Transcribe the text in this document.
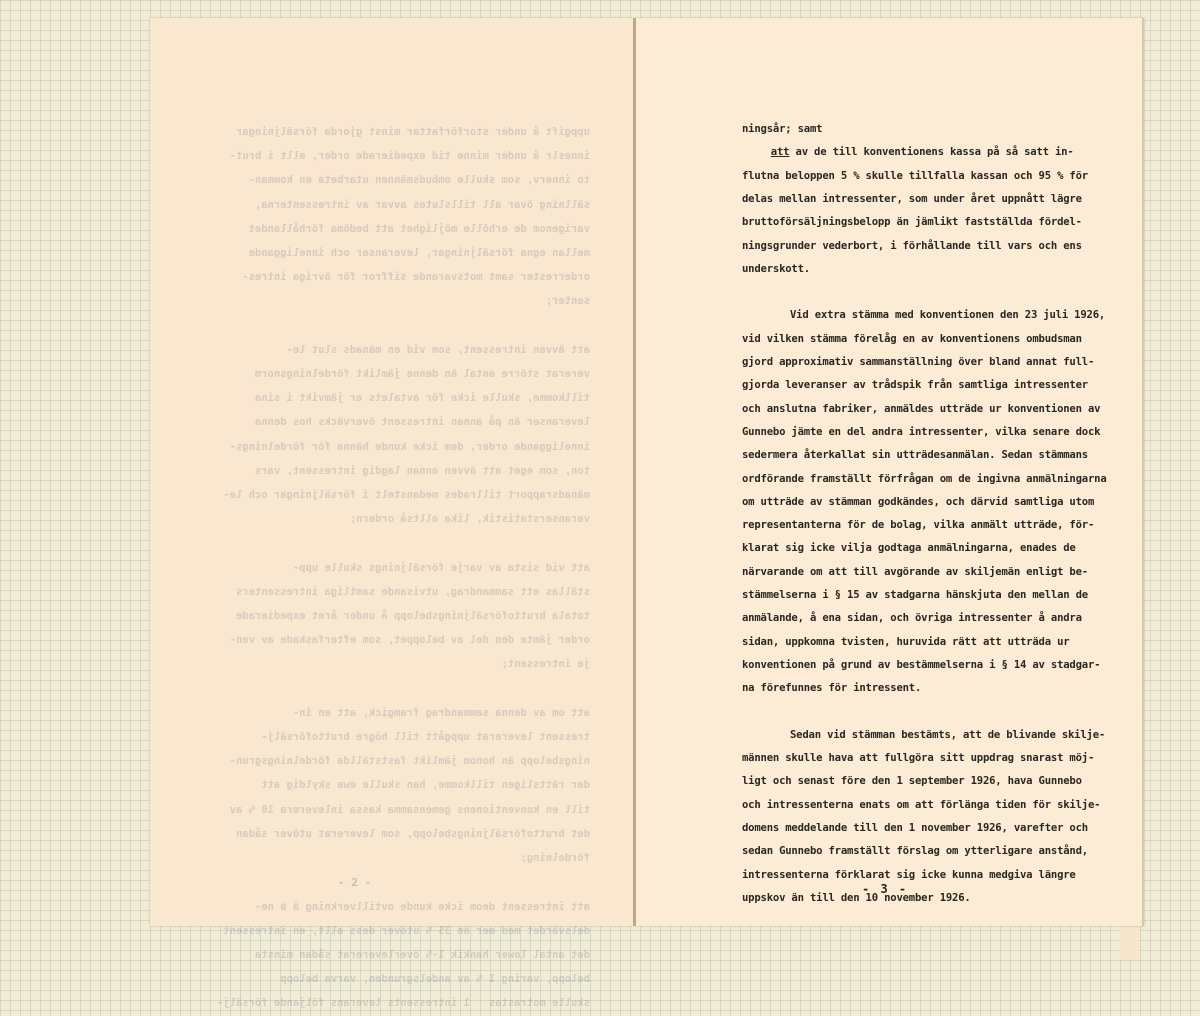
uppgift å under storförfattar minst gjorda försäljningar
inneslr å under minne tid expedierade order, allt i brut-
to innerv, som skulle ombudsmännen utarbeta en komman-
sällning övar all tillslutes avvar av intressenterna,
varigenom de erhölle möjlighet att bedöma förhållandet
mellan egna försäljningar, leveranser och inneliggande
orderrester samt motsvarande siffror för övriga intres-
senter;

att ävven intressent, som vid en mänads slut le-
vererat större antal än denne jämlikt fördelningsnorm
tillkomme, skulle icke för avtalets er jämvikt i sina
leveranser än på annan intressent överväcks hos denna
inneliggande order, dem icke kunde hänna för fördelnings-
ton, som eget att ävven annan lagdig intressent, vars
mänadsrapport tillrades medanstelt i försäljningar och le-
veranserstatistik, lika alltså ordern;

att vid sista av varje försäljnings skulle upp-
ställas ett sammandrag, utvisande samtliga intressenters
totala bruttoförsäljningsbelopp å under året expedierade
order jämte den del av beloppet, som efterfaskade av ven-
je intressent;

att om av denna sammandrag framgick, att en in-
tressent levererat uppgått till högre bruttoförsälj-
ningsbelopp än honom jämlikt fastställda fördelningsgrun-
der rättsligen tillkomme, han skulle ewa skyldig att
till en konventionens gemensamma kassa inleverera 10 % av
det bruttoförsäljningsbelopp, som levererat utöver sådan
fördelning;

att intressent deom icke kunde ovtillverkning ä ä ne-
delsvärdet med mer än 35 % utöver dess allt, en intressent
det antal lower hankik 1-% överlevererat sådan minsta
belopp, varing 1 % av andelsgrunden, varva belopp
skulle motrastas   1 intressents leverans följande försälj-
- 2 -
ningsår; samt
att av de till konventionens kassa på så satt in-
flutna beloppen 5 % skulle tillfalla kassan och 95 % för
delas mellan intressenter, som under året uppnått lägre
bruttoförsäljningsbelopp än jämlikt fastställda fördel-
ningsgrunder vederbort, i förhållande till vars och ens
underskott.
Vid extra stämma med konventionen den 23 juli 1926,
vid vilken stämma förelåg en av konventionens ombudsman
gjord approximativ sammanställning över bland annat full-
gjorda leveranser av trådspik från samtliga intressenter
och anslutna fabriker, anmäldes utträde ur konventionen av
Gunnebo jämte en del andra intressenter, vilka senare dock
sedermera återkallat sin utträdesanmälan. Sedan stämmans
ordförande framställt förfrågan om de ingivna anmälningarna
om utträde av stämman godkändes, och därvid samtliga utom
representanterna för de bolag, vilka anmält utträde, för-
klarat sig icke vilja godtaga anmälningarna, enades de
närvarande om att till avgörande av skiljemän enligt be-
stämmelserna i § 15 av stadgarna hänskjuta den mellan de
anmälande, å ena sidan, och övriga intressenter å andra
sidan, uppkomna tvisten, huruvida rätt att utträda ur
konventionen på grund av bestämmelserna i § 14 av stadgar-
na förefunnes för intressent.
Sedan vid stämman bestämts, att de blivande skilje-
männen skulle hava att fullgöra sitt uppdrag snarast möj-
ligt och senast före den 1 september 1926, hava Gunnebo
och intressenterna enats om att förlänga tiden för skilje-
domens meddelande till den 1 november 1926, varefter och
sedan Gunnebo framställt förslag om ytterligare anstånd,
intressenterna förklarat sig icke kunna medgiva längre
uppskov än till den 10 november 1926.
- 3 -
